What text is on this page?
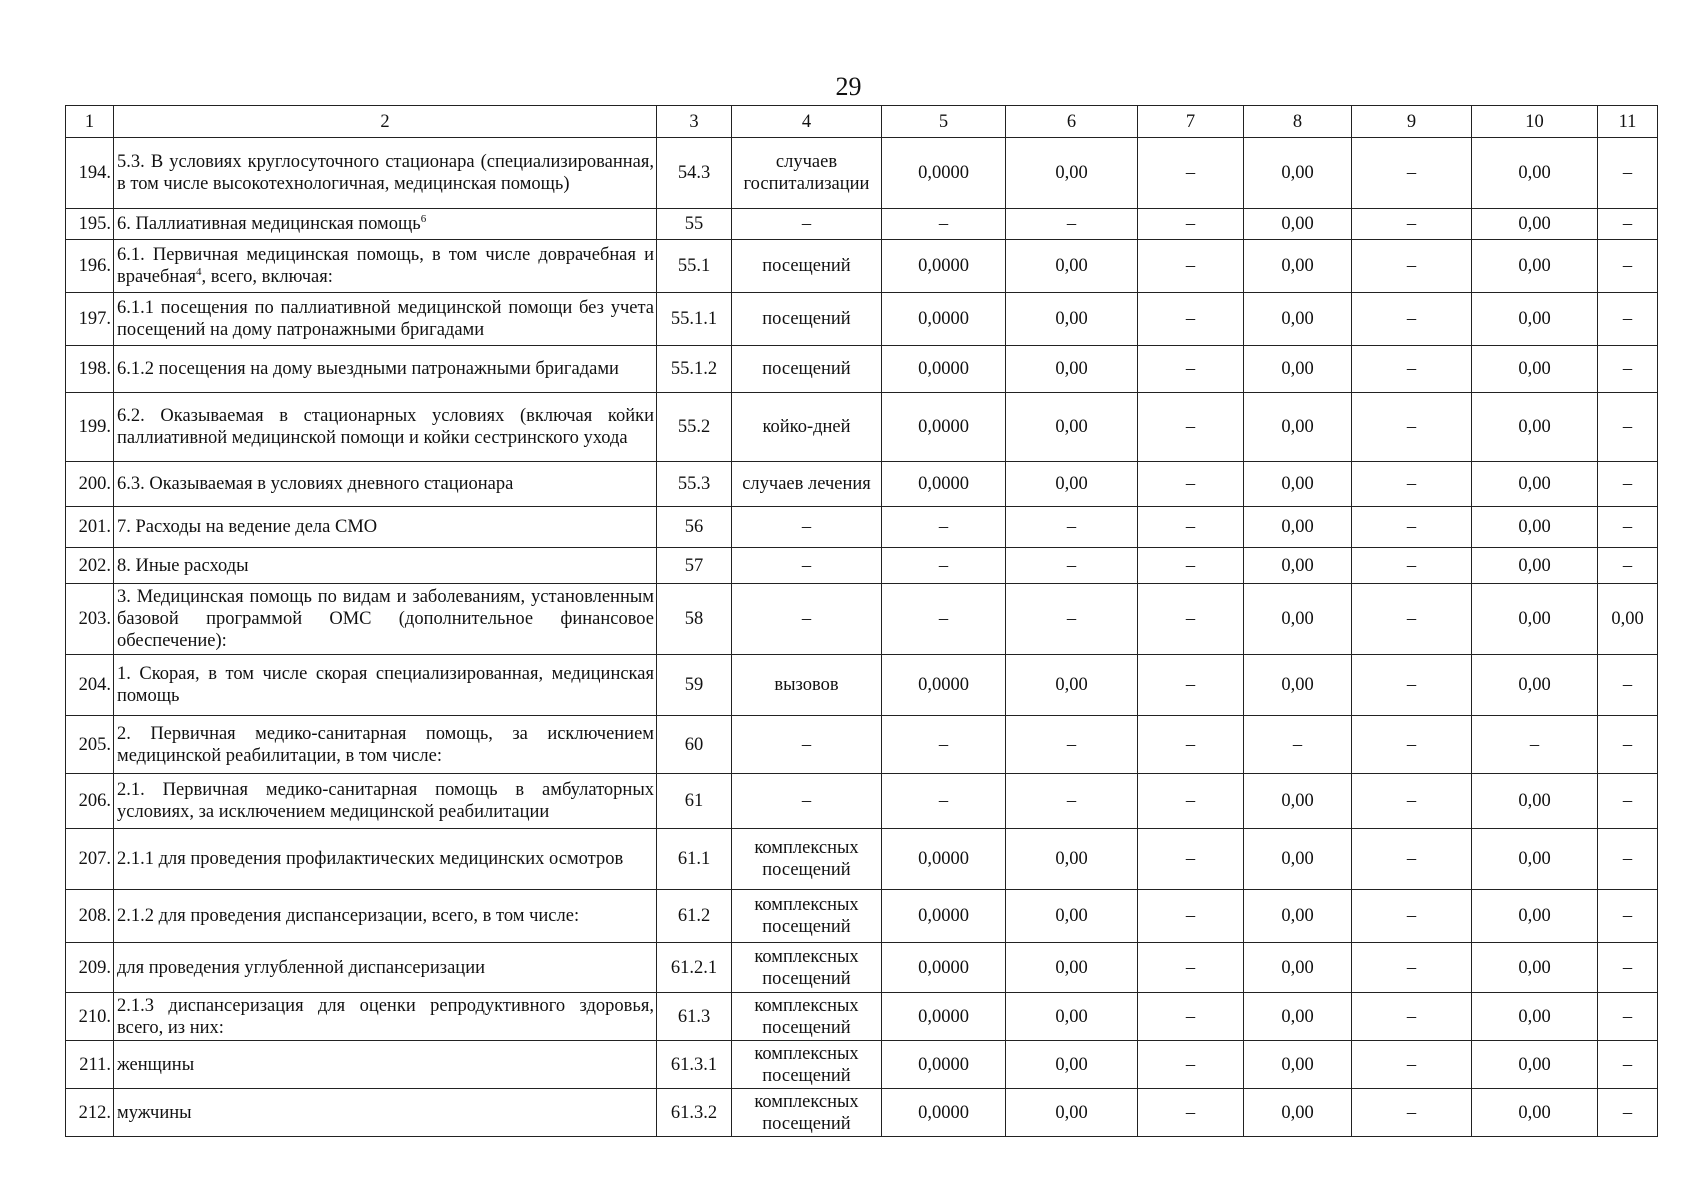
29
1	2	3	4	5	6	7	8	9	10	11
194.	5.3. В условиях круглосуточного стационара (специализированная, в том числе высокотехнологичная, медицинская помощь)	54.3	случаев госпитализации	0,0000	0,00	–	0,00	–	0,00	–
195.	6. Паллиативная медицинская помощь$^6$	55	–	–	–	–	0,00	–	0,00	–
196.	6.1. Первичная медицинская помощь, в том числе доврачебная и врачебная$^4$, всего, включая:	55.1	посещений	0,0000	0,00	–	0,00	–	0,00	–
197.	6.1.1 посещения по паллиативной медицинской помощи без учета посещений на дому патронажными бригадами	55.1.1	посещений	0,0000	0,00	–	0,00	–	0,00	–
198.	6.1.2 посещения на дому выездными патронажными бригадами	55.1.2	посещений	0,0000	0,00	–	0,00	–	0,00	–
199.	6.2. Оказываемая в стационарных условиях (включая койки паллиативной медицинской помощи и койки сестринского ухода	55.2	койко-дней	0,0000	0,00	–	0,00	–	0,00	–
200.	6.3. Оказываемая в условиях дневного стационара	55.3	случаев лечения	0,0000	0,00	–	0,00	–	0,00	–
201.	7. Расходы на ведение дела СМО	56	–	–	–	–	0,00	–	0,00	–
202.	8. Иные расходы	57	–	–	–	–	0,00	–	0,00	–
203.	3. Медицинская помощь по видам и заболеваниям, установленным базовой программой ОМС (дополнительное финансовое обеспечение):	58	–	–	–	–	0,00	–	0,00	0,00
204.	1. Скорая, в том числе скорая специализированная, медицинская помощь	59	вызовов	0,0000	0,00	–	0,00	–	0,00	–
205.	2. Первичная медико-санитарная помощь, за исключением медицинской реабилитации, в том числе:	60	–	–	–	–	–	–	–	–
206.	2.1. Первичная медико-санитарная помощь в амбулаторных условиях, за исключением медицинской реабилитации	61	–	–	–	–	0,00	–	0,00	–
207.	2.1.1 для проведения профилактических медицинских осмотров	61.1	комплексных посещений	0,0000	0,00	–	0,00	–	0,00	–
208.	2.1.2 для проведения диспансеризации, всего, в том числе:	61.2	комплексных посещений	0,0000	0,00	–	0,00	–	0,00	–
209.	для проведения углубленной диспансеризации	61.2.1	комплексных посещений	0,0000	0,00	–	0,00	–	0,00	–
210.	2.1.3 диспансеризация для оценки репродуктивного здоровья, всего, из них:	61.3	комплексных посещений	0,0000	0,00	–	0,00	–	0,00	–
211.	женщины	61.3.1	комплексных посещений	0,0000	0,00	–	0,00	–	0,00	–
212.	мужчины	61.3.2	комплексных посещений	0,0000	0,00	–	0,00	–	0,00	–
